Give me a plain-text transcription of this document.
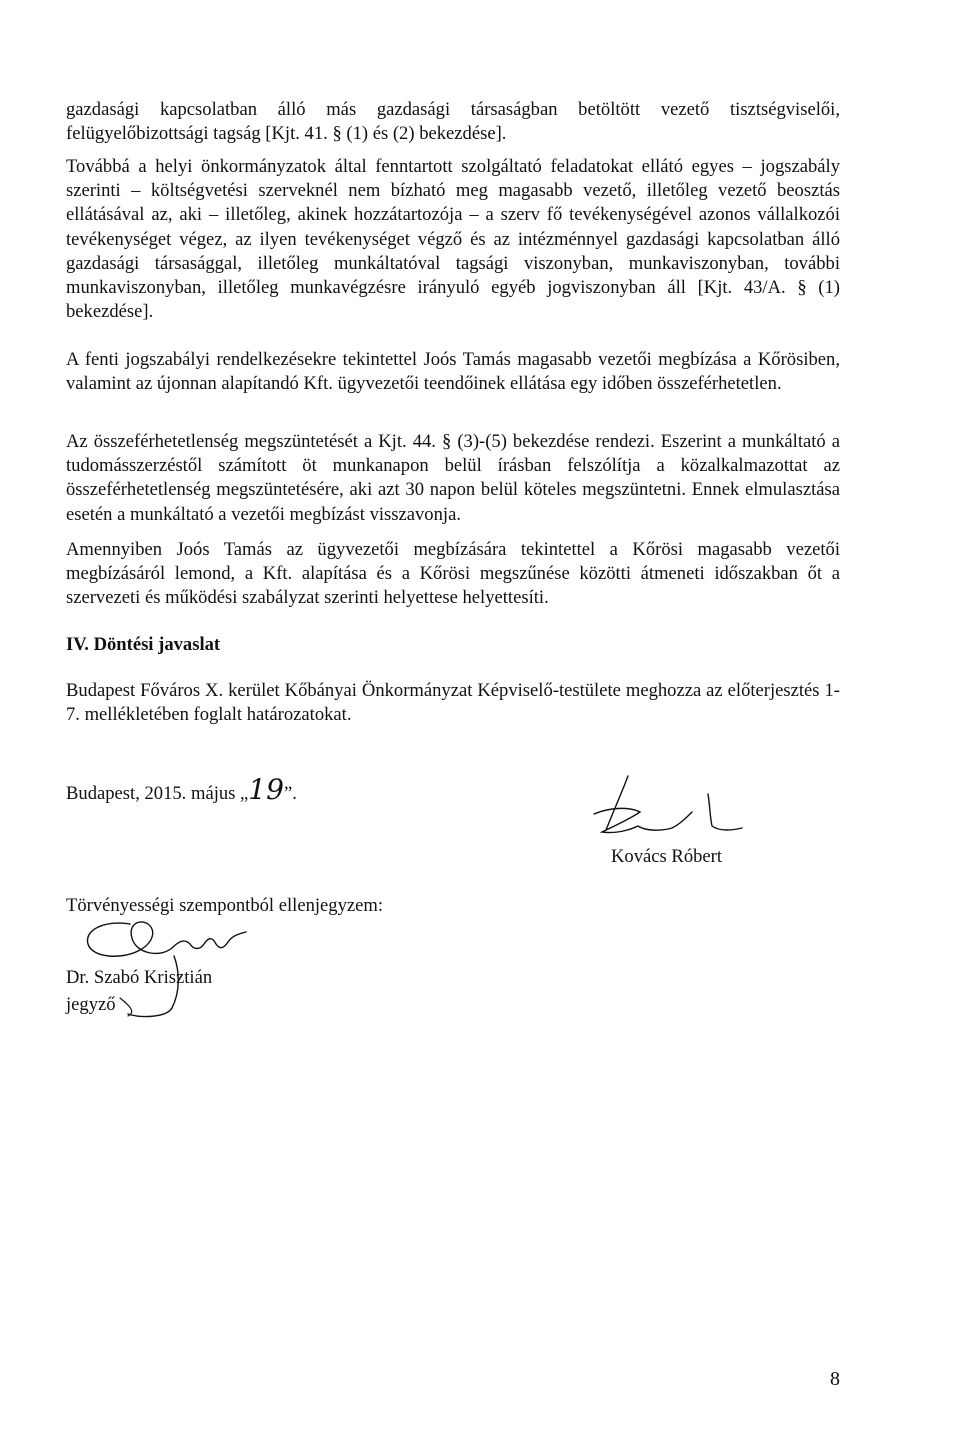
gazdasági kapcsolatban álló más gazdasági társaságban betöltött vezető tisztségviselői, felügyelőbizottsági tagság [Kjt. 41. § (1) és (2) bekezdése].

Továbbá a helyi önkormányzatok által fenntartott szolgáltató feladatokat ellátó egyes – jogszabály szerinti – költségvetési szerveknél nem bízható meg magasabb vezető, illetőleg vezető beosztás ellátásával az, aki – illetőleg, akinek hozzátartozója – a szerv fő tevékenységével azonos vállalkozói tevékenységet végez, az ilyen tevékenységet végző és az intézménnyel gazdasági kapcsolatban álló gazdasági társasággal, illetőleg munkáltatóval tagsági viszonyban, munkaviszonyban, további munkaviszonyban, illetőleg munkavégzésre irányuló egyéb jogviszonyban áll [Kjt. 43/A. § (1) bekezdése].

A fenti jogszabályi rendelkezésekre tekintettel Joós Tamás magasabb vezetői megbízása a Kőrösiben, valamint az újonnan alapítandó Kft. ügyvezetői teendőinek ellátása egy időben összeférhetetlen.

Az összeférhetetlenség megszüntetését a Kjt. 44. § (3)-(5) bekezdése rendezi. Eszerint a munkáltató a tudomásszerzéstől számított öt munkanapon belül írásban felszólítja a közalkalmazottat az összeférhetetlenség megszüntetésére, aki azt 30 napon belül köteles megszüntetni. Ennek elmulasztása esetén a munkáltató a vezetői megbízást visszavonja.

Amennyiben Joós Tamás az ügyvezetői megbízására tekintettel a Kőrösi magasabb vezetői megbízásáról lemond, a Kft. alapítása és a Kőrösi megszűnése közötti átmeneti időszakban őt a szervezeti és működési szabályzat szerinti helyettese helyettesíti.

IV. Döntési javaslat

Budapest Főváros X. kerület Kőbányai Önkormányzat Képviselő-testülete meghozza az előterjesztés 1-7. mellékletében foglalt határozatokat.

Budapest, 2015. május „19”.
Kovács Róbert
Törvényességi szempontból ellenjegyzem:
Dr. Szabó Krisztián
jegyző
8
